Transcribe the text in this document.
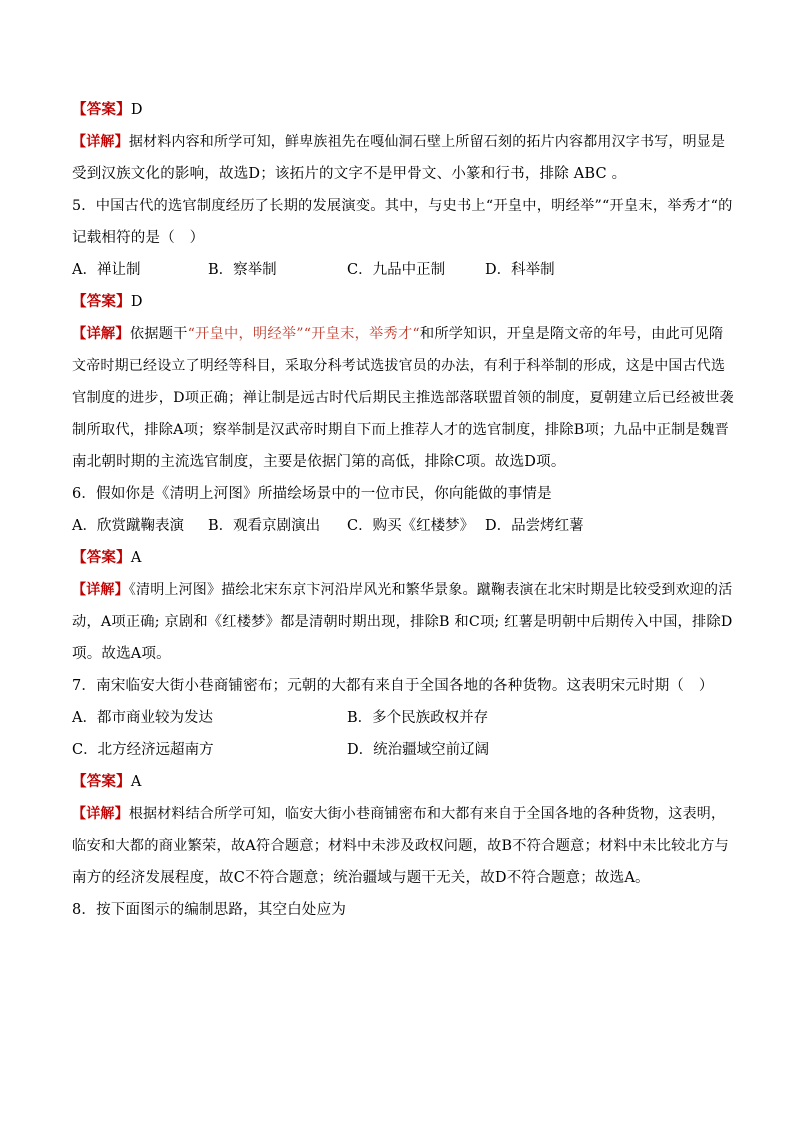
【答案】D
【详解】据材料内容和所学可知，鲜卑族祖先在嘎仙洞石壁上所留石刻的拓片内容都用汉字书写，明显是
受到汉族文化的影响，故选D；该拓片的文字不是甲骨文、小篆和行书，排除 ABC 。
5．中国古代的选官制度经历了长期的发展演变。其中，与史书上“开皇中，明经举”“开皇末，举秀才“的
记载相符的是（　）
A．禅让制	B．察举制	C．九品中正制	D．科举制
【答案】D
【详解】依据题干“开皇中，明经举”“开皇末，举秀才“和所学知识，开皇是隋文帝的年号，由此可见隋
文帝时期已经设立了明经等科目，采取分科考试选拔官员的办法，有利于科举制的形成，这是中国古代选
官制度的进步，D项正确；禅让制是远古时代后期民主推选部落联盟首领的制度，夏朝建立后已经被世袭
制所取代，排除A项；察举制是汉武帝时期自下而上推荐人才的选官制度，排除B项；九品中正制是魏晋
南北朝时期的主流选官制度，主要是依据门第的高低，排除C项。故选D项。
6．假如你是《清明上河图》所描绘场景中的一位市民，你向能做的事情是
A．欣赏蹴鞠表演 B．观看京剧演出 C．购买《红楼梦》 D．品尝烤红薯
【答案】A
【详解】《清明上河图》描绘北宋东京卞河沿岸风光和繁华景象。蹴鞠表演在北宋时期是比较受到欢迎的活
动，A项正确; 京剧和《红楼梦》都是清朝时期出现，排除B 和C项; 红薯是明朝中后期传入中国，排除D
项。故选A项。
7．南宋临安大街小巷商铺密布；元朝的大都有来自于全国各地的各种货物。这表明宋元时期（　）
A．都市商业较为发达	B．多个民族政权并存
C．北方经济远超南方	D．统治疆域空前辽阔
【答案】A
【详解】根据材料结合所学可知，临安大街小巷商铺密布和大都有来自于全国各地的各种货物，这表明，
临安和大都的商业繁荣，故A符合题意；材料中未涉及政权问题，故B不符合题意；材料中未比较北方与
南方的经济发展程度，故C不符合题意；统治疆域与题干无关，故D不符合题意；故选A。
8．按下面图示的编制思路，其空白处应为
